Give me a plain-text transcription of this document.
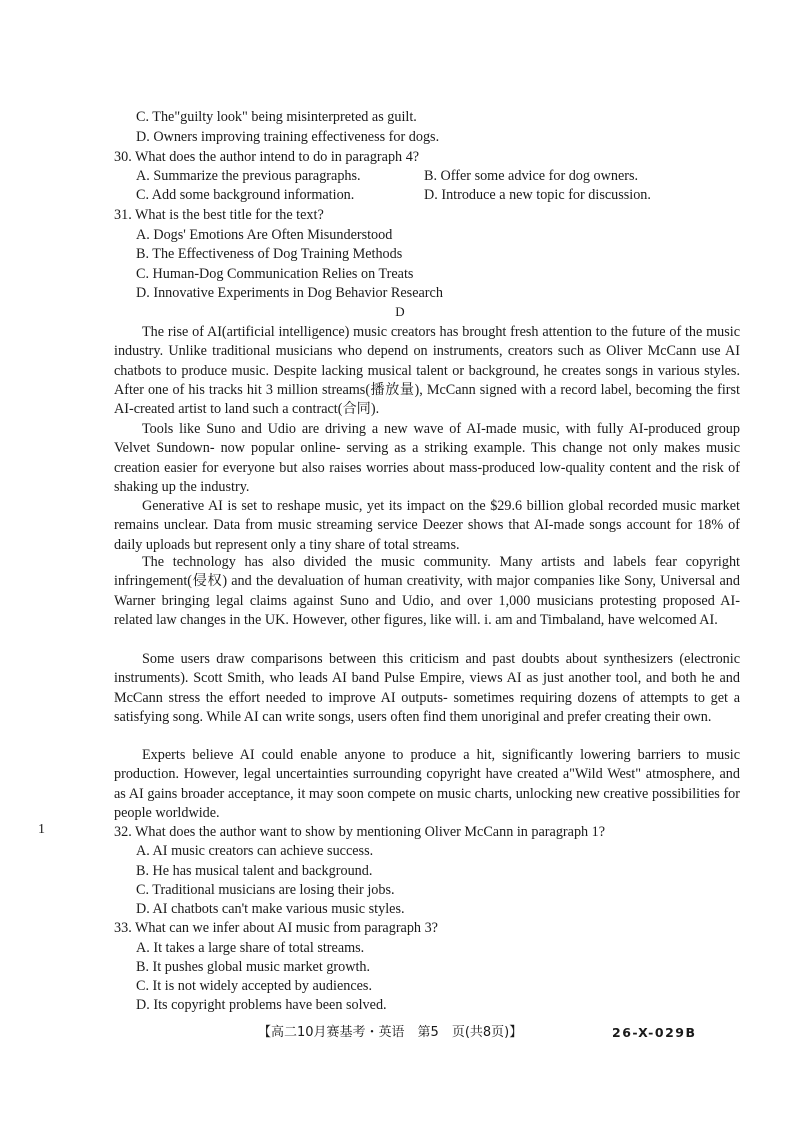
C. The"guilty look" being misinterpreted as guilt.
D. Owners improving training effectiveness for dogs.
30. What does the author intend to do in paragraph 4?
A. Summarize the previous paragraphs.	B. Offer some advice for dog owners.
C. Add some background information.	D. Introduce a new topic for discussion.
31. What is the best title for the text?
A. Dogs' Emotions Are Often Misunderstood
B. The Effectiveness of Dog Training Methods
C. Human-Dog Communication Relies on Treats
D. Innovative Experiments in Dog Behavior Research
D
The rise of AI(artificial intelligence) music creators has brought fresh attention to the future of the music industry. Unlike traditional musicians who depend on instruments, creators such as Oliver McCann use AI chatbots to produce music. Despite lacking musical talent or background, he creates songs in various styles. After one of his tracks hit 3 million streams(播放量), McCann signed with a record label, becoming the first AI-created artist to land such a contract(合同).
Tools like Suno and Udio are driving a new wave of AI-made music, with fully AI-produced group Velvet Sundown- now popular online- serving as a striking example. This change not only makes music creation easier for everyone but also raises worries about mass-produced low-quality content and the risk of shaking up the industry.
Generative AI is set to reshape music, yet its impact on the $29.6 billion global recorded music market remains unclear. Data from music streaming service Deezer shows that AI-made songs account for 18% of daily uploads but represent only a tiny share of total streams.
The technology has also divided the music community. Many artists and labels fear copyright infringement(侵权) and the devaluation of human creativity, with major companies like Sony, Universal and Warner bringing legal claims against Suno and Udio, and over 1,000 musicians protesting proposed AI-related law changes in the UK. However, other figures, like will. i. am and Timbaland, have welcomed AI.
Some users draw comparisons between this criticism and past doubts about synthesizers (electronic instruments). Scott Smith, who leads AI band Pulse Empire, views AI as just another tool, and both he and McCann stress the effort needed to improve AI outputs- sometimes requiring dozens of attempts to get a satisfying song. While AI can write songs, users often find them unoriginal and prefer creating their own.
Experts believe AI could enable anyone to produce a hit, significantly lowering barriers to music production. However, legal uncertainties surrounding copyright have created a"Wild West" atmosphere, and as AI gains broader acceptance, it may soon compete on music charts, unlocking new creative possibilities for people worldwide.
1	32. What does the author want to show by mentioning Oliver McCann in paragraph 1?
A. AI music creators can achieve success.
B. He has musical talent and background.
C. Traditional musicians are losing their jobs.
D. AI chatbots can't make various music styles.
33. What can we infer about AI music from paragraph 3?
A. It takes a large share of total streams.
B. It pushes global music market growth.
C. It is not widely accepted by audiences.
D. Its copyright problems have been solved.
【高二10月赛基考・英语　第5　页(共8页)】	26-X-029B
